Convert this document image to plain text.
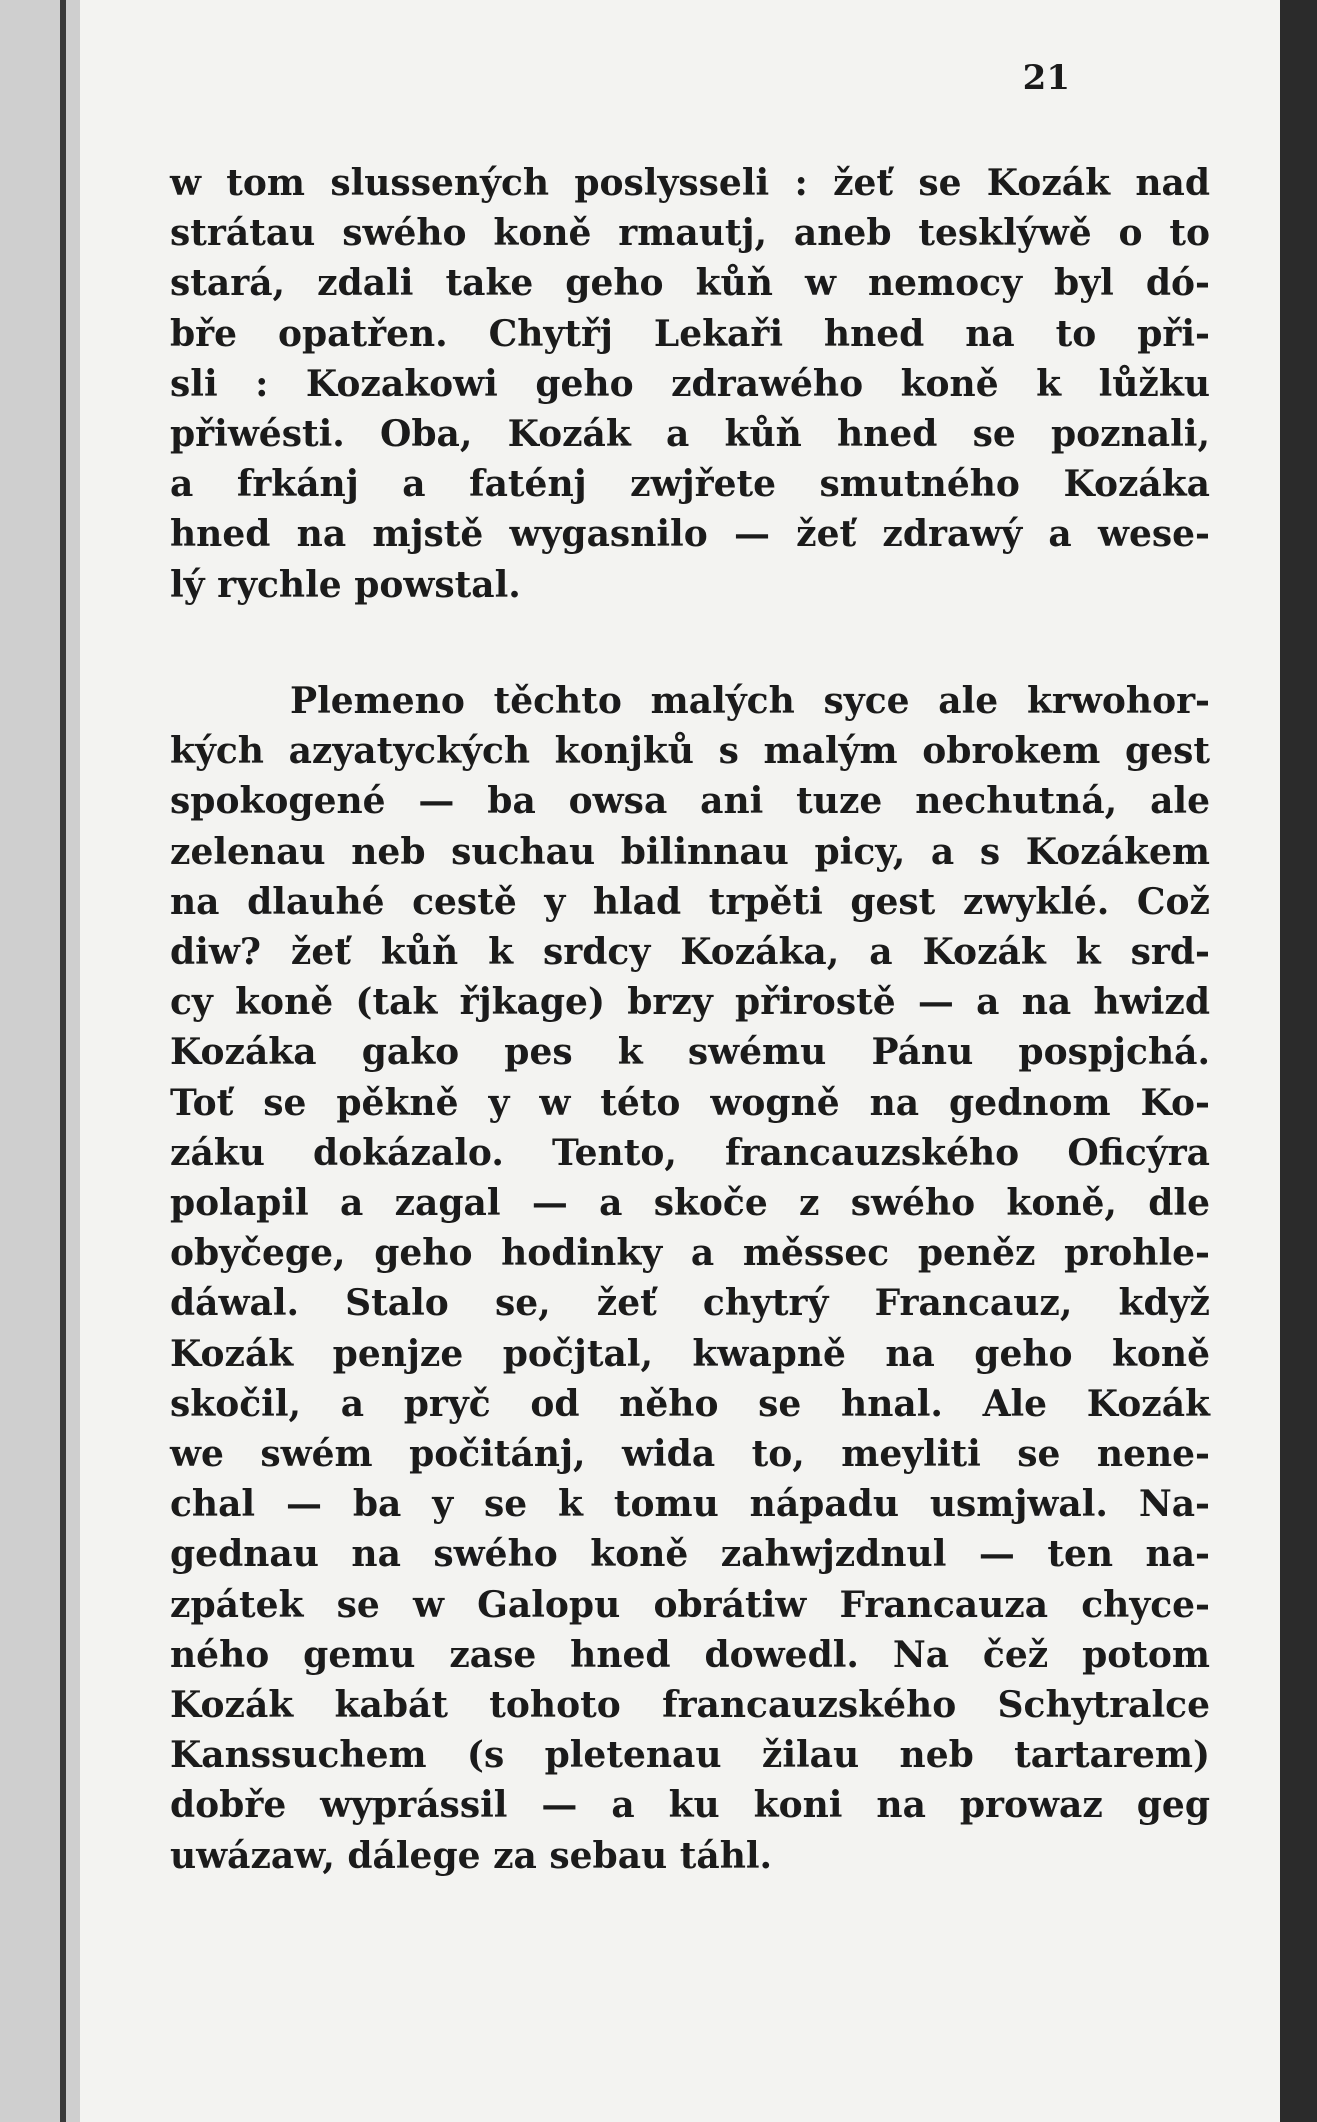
21
w tom slussených poslysseli : žeť se Kozák nad
strátau swého koně rmautj, aneb tesklýwě o to
stará, zdali take geho kůň w nemocy byl dó-
bře opatřen. Chytřj Lekaři hned na to při-
sli : Kozakowi geho zdrawého koně k lůžku
přiwésti. Oba, Kozák a kůň hned se poznali,
a frkánj a faténj zwjřete smutného Kozáka
hned na mjstě wygasnilo — žeť zdrawý a wese-
lý rychle powstal.
Plemeno těchto malých syce ale krwohor-
kých azyatyckých konjků s malým obrokem gest
spokogené — ba owsa ani tuze nechutná, ale
zelenau neb suchau bilinnau picy, a s Kozákem
na dlauhé cestě y hlad trpěti gest zwyklé. Což
diw? žeť kůň k srdcy Kozáka, a Kozák k srd-
cy koně (tak řjkage) brzy přirostě — a na hwizd
Kozáka gako pes k swému Pánu pospjchá.
Toť se pěkně y w této wogně na gednom Ko-
záku dokázalo. Tento, francauzského Oficýra
polapil a zagal — a skoče z swého koně, dle
obyčege, geho hodinky a měssec peněz prohle-
dáwal. Stalo se, žeť chytrý Francauz, když
Kozák penjze počjtal, kwapně na geho koně
skočil, a pryč od něho se hnal. Ale Kozák
we swém počitánj, wida to, meyliti se nene-
chal — ba y se k tomu nápadu usmjwal. Na-
gednau na swého koně zahwjzdnul — ten na-
zpátek se w Galopu obrátiw Francauza chyce-
ného gemu zase hned dowedl. Na čež potom
Kozák kabát tohoto francauzského Schytralce
Kanssuchem (s pletenau žilau neb tartarem)
dobře wyprássil — a ku koni na prowaz geg
uwázaw, dálege za sebau táhl.
